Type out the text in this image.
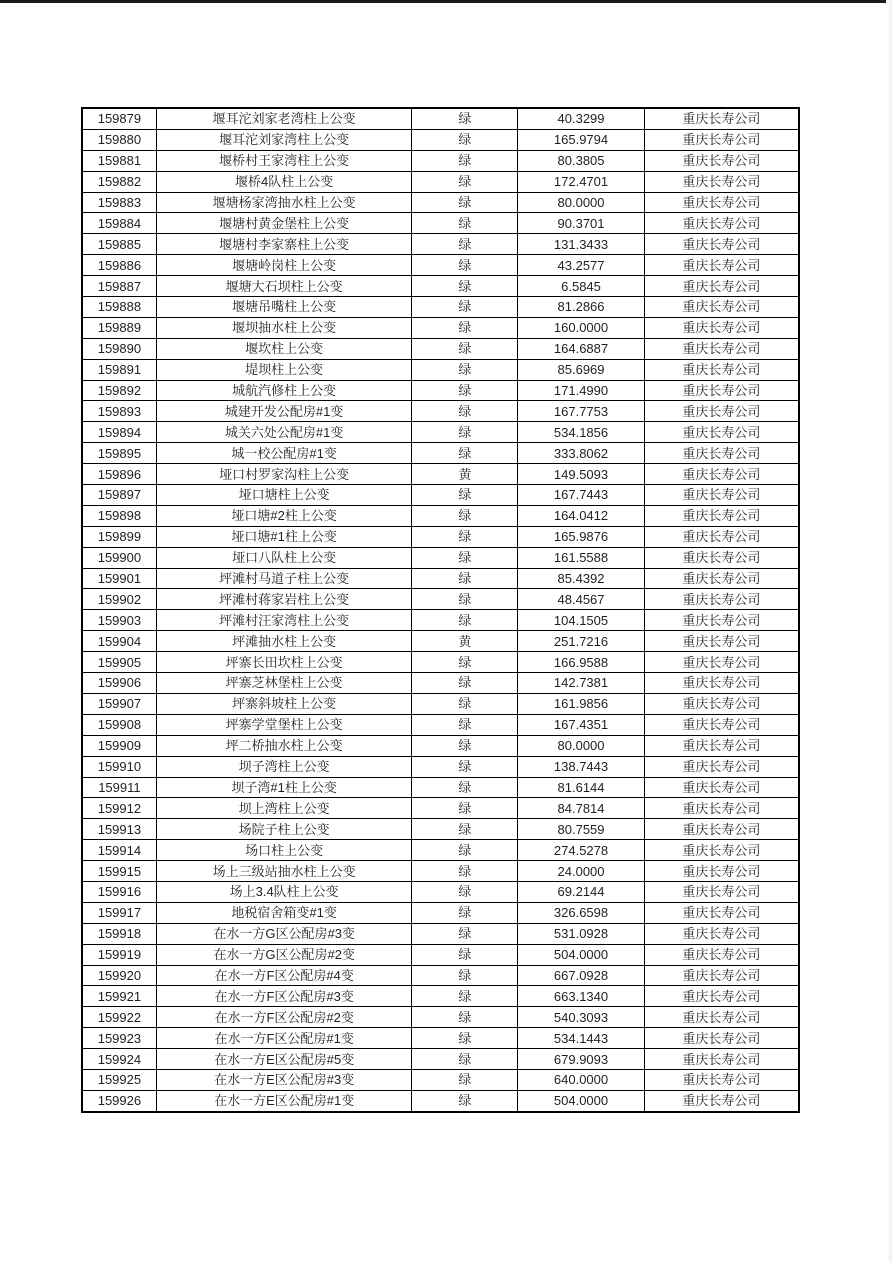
159879	堰耳沱刘家老湾柱上公变	绿	40.3299	重庆长寿公司
159880	堰耳沱刘家湾柱上公变	绿	165.9794	重庆长寿公司
159881	堰桥村王家湾柱上公变	绿	80.3805	重庆长寿公司
159882	堰桥4队柱上公变	绿	172.4701	重庆长寿公司
159883	堰塘杨家湾抽水柱上公变	绿	80.0000	重庆长寿公司
159884	堰塘村黄金堡柱上公变	绿	90.3701	重庆长寿公司
159885	堰塘村李家寨柱上公变	绿	131.3433	重庆长寿公司
159886	堰塘岭岗柱上公变	绿	43.2577	重庆长寿公司
159887	堰塘大石坝柱上公变	绿	6.5845	重庆长寿公司
159888	堰塘吊嘴柱上公变	绿	81.2866	重庆长寿公司
159889	堰坝抽水柱上公变	绿	160.0000	重庆长寿公司
159890	堰坎柱上公变	绿	164.6887	重庆长寿公司
159891	堤坝柱上公变	绿	85.6969	重庆长寿公司
159892	城航汽修柱上公变	绿	171.4990	重庆长寿公司
159893	城建开发公配房#1变	绿	167.7753	重庆长寿公司
159894	城关六处公配房#1变	绿	534.1856	重庆长寿公司
159895	城一校公配房#1变	绿	333.8062	重庆长寿公司
159896	垭口村罗家沟柱上公变	黄	149.5093	重庆长寿公司
159897	垭口塘柱上公变	绿	167.7443	重庆长寿公司
159898	垭口塘#2柱上公变	绿	164.0412	重庆长寿公司
159899	垭口塘#1柱上公变	绿	165.9876	重庆长寿公司
159900	垭口八队柱上公变	绿	161.5588	重庆长寿公司
159901	坪滩村马道子柱上公变	绿	85.4392	重庆长寿公司
159902	坪滩村蒋家岩柱上公变	绿	48.4567	重庆长寿公司
159903	坪滩村汪家湾柱上公变	绿	104.1505	重庆长寿公司
159904	坪滩抽水柱上公变	黄	251.7216	重庆长寿公司
159905	坪寨长田坎柱上公变	绿	166.9588	重庆长寿公司
159906	坪寨芝林堡柱上公变	绿	142.7381	重庆长寿公司
159907	坪寨斜坡柱上公变	绿	161.9856	重庆长寿公司
159908	坪寨学堂堡柱上公变	绿	167.4351	重庆长寿公司
159909	坪二桥抽水柱上公变	绿	80.0000	重庆长寿公司
159910	坝子湾柱上公变	绿	138.7443	重庆长寿公司
159911	坝子湾#1柱上公变	绿	81.6144	重庆长寿公司
159912	坝上湾柱上公变	绿	84.7814	重庆长寿公司
159913	场院子柱上公变	绿	80.7559	重庆长寿公司
159914	场口柱上公变	绿	274.5278	重庆长寿公司
159915	场上三级站抽水柱上公变	绿	24.0000	重庆长寿公司
159916	场上3.4队柱上公变	绿	69.2144	重庆长寿公司
159917	地税宿舍箱变#1变	绿	326.6598	重庆长寿公司
159918	在水一方G区公配房#3变	绿	531.0928	重庆长寿公司
159919	在水一方G区公配房#2变	绿	504.0000	重庆长寿公司
159920	在水一方F区公配房#4变	绿	667.0928	重庆长寿公司
159921	在水一方F区公配房#3变	绿	663.1340	重庆长寿公司
159922	在水一方F区公配房#2变	绿	540.3093	重庆长寿公司
159923	在水一方F区公配房#1变	绿	534.1443	重庆长寿公司
159924	在水一方E区公配房#5变	绿	679.9093	重庆长寿公司
159925	在水一方E区公配房#3变	绿	640.0000	重庆长寿公司
159926	在水一方E区公配房#1变	绿	504.0000	重庆长寿公司
